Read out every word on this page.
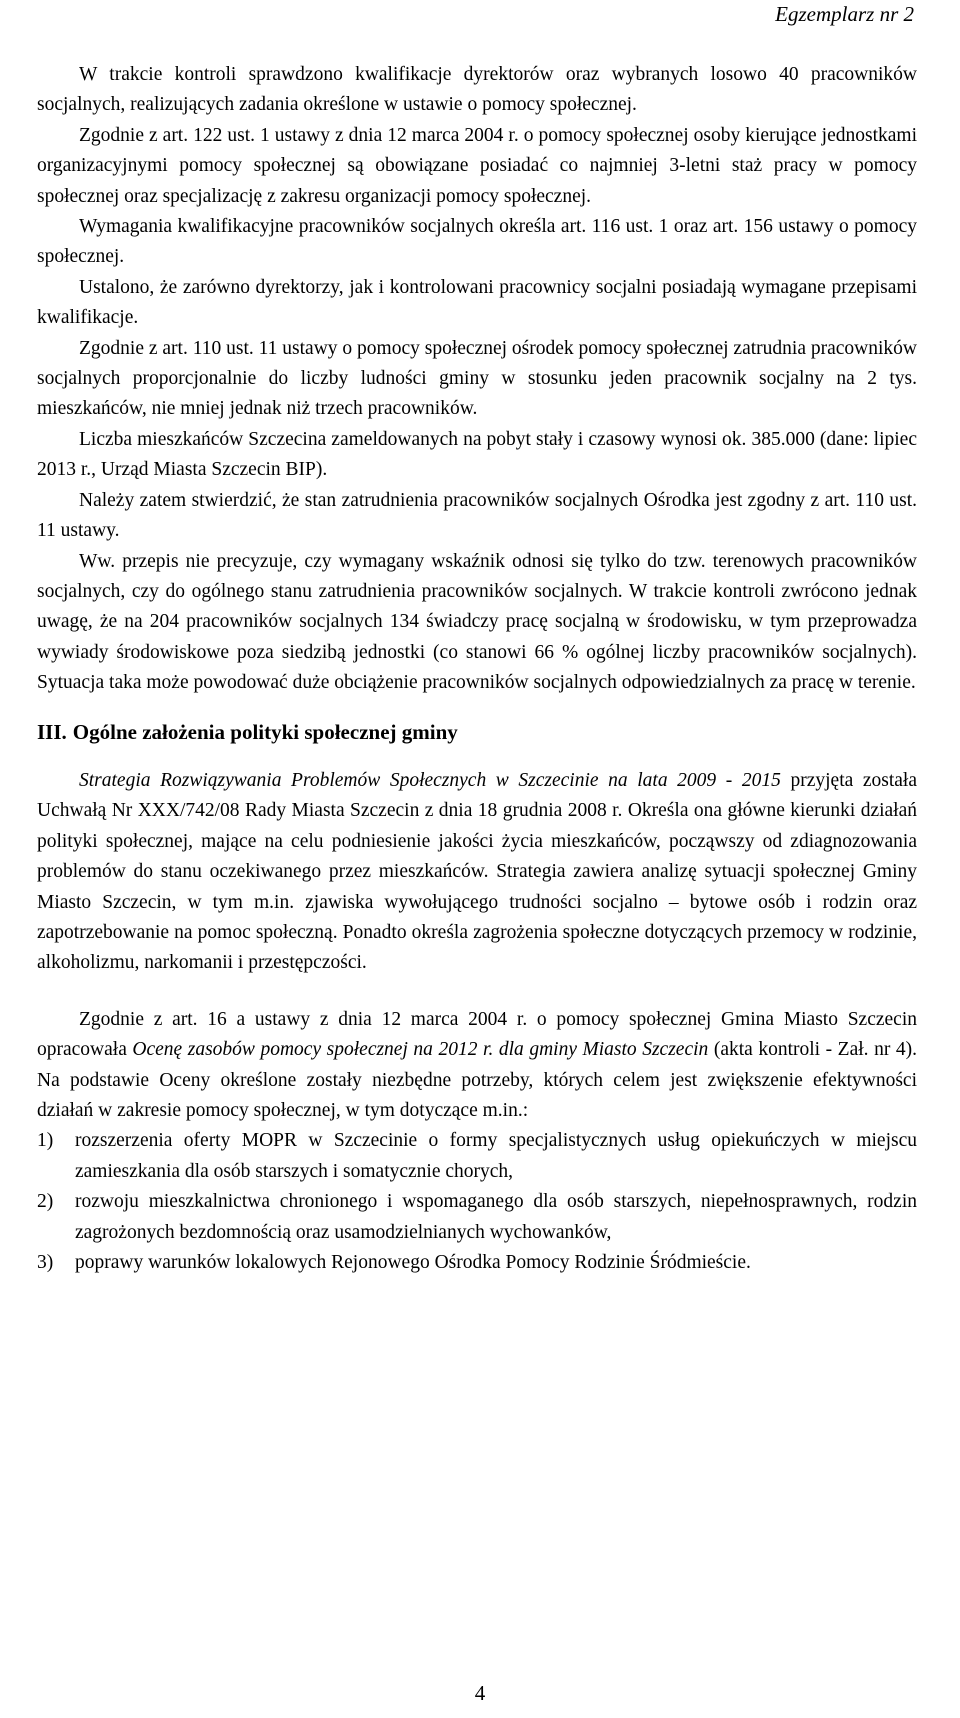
Egzemplarz nr 2

W trakcie kontroli sprawdzono kwalifikacje dyrektorów oraz wybranych losowo 40 pracowników socjalnych, realizujących zadania określone w ustawie o pomocy społecznej.

Zgodnie z art. 122 ust. 1 ustawy z dnia 12 marca 2004 r. o pomocy społecznej osoby kierujące jednostkami organizacyjnymi pomocy społecznej są obowiązane posiadać co najmniej 3-letni staż pracy w pomocy społecznej oraz specjalizację z zakresu organizacji pomocy społecznej.

Wymagania kwalifikacyjne pracowników socjalnych określa art. 116 ust. 1 oraz art. 156 ustawy o pomocy społecznej.

Ustalono, że zarówno dyrektorzy, jak i kontrolowani pracownicy socjalni posiadają wymagane przepisami kwalifikacje.

Zgodnie z art. 110 ust. 11 ustawy o pomocy społecznej ośrodek pomocy społecznej zatrudnia pracowników socjalnych proporcjonalnie do liczby ludności gminy w stosunku jeden pracownik socjalny na 2 tys. mieszkańców, nie mniej jednak niż trzech pracowników.

Liczba mieszkańców Szczecina zameldowanych na pobyt stały i czasowy wynosi ok. 385.000 (dane: lipiec 2013 r., Urząd Miasta Szczecin BIP).

Należy zatem stwierdzić, że stan zatrudnienia pracowników socjalnych Ośrodka jest zgodny z art. 110 ust. 11 ustawy.

Ww. przepis nie precyzuje, czy wymagany wskaźnik odnosi się tylko do tzw. terenowych pracowników socjalnych, czy do ogólnego stanu zatrudnienia pracowników socjalnych. W trakcie kontroli zwrócono jednak uwagę, że na 204 pracowników socjalnych 134 świadczy pracę socjalną w środowisku, w tym przeprowadza wywiady środowiskowe poza siedzibą jednostki (co stanowi 66 % ogólnej liczby pracowników socjalnych). Sytuacja taka może powodować duże obciążenie pracowników socjalnych odpowiedzialnych za pracę w terenie.

III. Ogólne założenia polityki społecznej gminy

Strategia Rozwiązywania Problemów Społecznych w Szczecinie na lata 2009 - 2015 przyjęta została Uchwałą Nr XXX/742/08 Rady Miasta Szczecin z dnia 18 grudnia 2008 r. Określa ona główne kierunki działań polityki społecznej, mające na celu podniesienie jakości życia mieszkańców, począwszy od zdiagnozowania problemów do stanu oczekiwanego przez mieszkańców. Strategia zawiera analizę sytuacji społecznej Gminy Miasto Szczecin, w tym m.in. zjawiska wywołującego trudności socjalno – bytowe osób i rodzin oraz zapotrzebowanie na pomoc społeczną. Ponadto określa zagrożenia społeczne dotyczących przemocy w rodzinie, alkoholizmu, narkomanii i przestępczości.

Zgodnie z art. 16 a ustawy z dnia 12 marca 2004 r. o pomocy społecznej Gmina Miasto Szczecin opracowała Ocenę zasobów pomocy społecznej na 2012 r. dla gminy Miasto Szczecin (akta kontroli - Zał. nr 4). Na podstawie Oceny określone zostały niezbędne potrzeby, których celem jest zwiększenie efektywności działań w zakresie pomocy społecznej, w tym dotyczące m.in.:

1) rozszerzenia oferty MOPR w Szczecinie o formy specjalistycznych usług opiekuńczych w miejscu zamieszkania dla osób starszych i somatycznie chorych,
2) rozwoju mieszkalnictwa chronionego i wspomaganego dla osób starszych, niepełnosprawnych, rodzin zagrożonych bezdomnością oraz usamodzielnianych wychowanków,
3) poprawy warunków lokalowych Rejonowego Ośrodka Pomocy Rodzinie Śródmieście.
4
